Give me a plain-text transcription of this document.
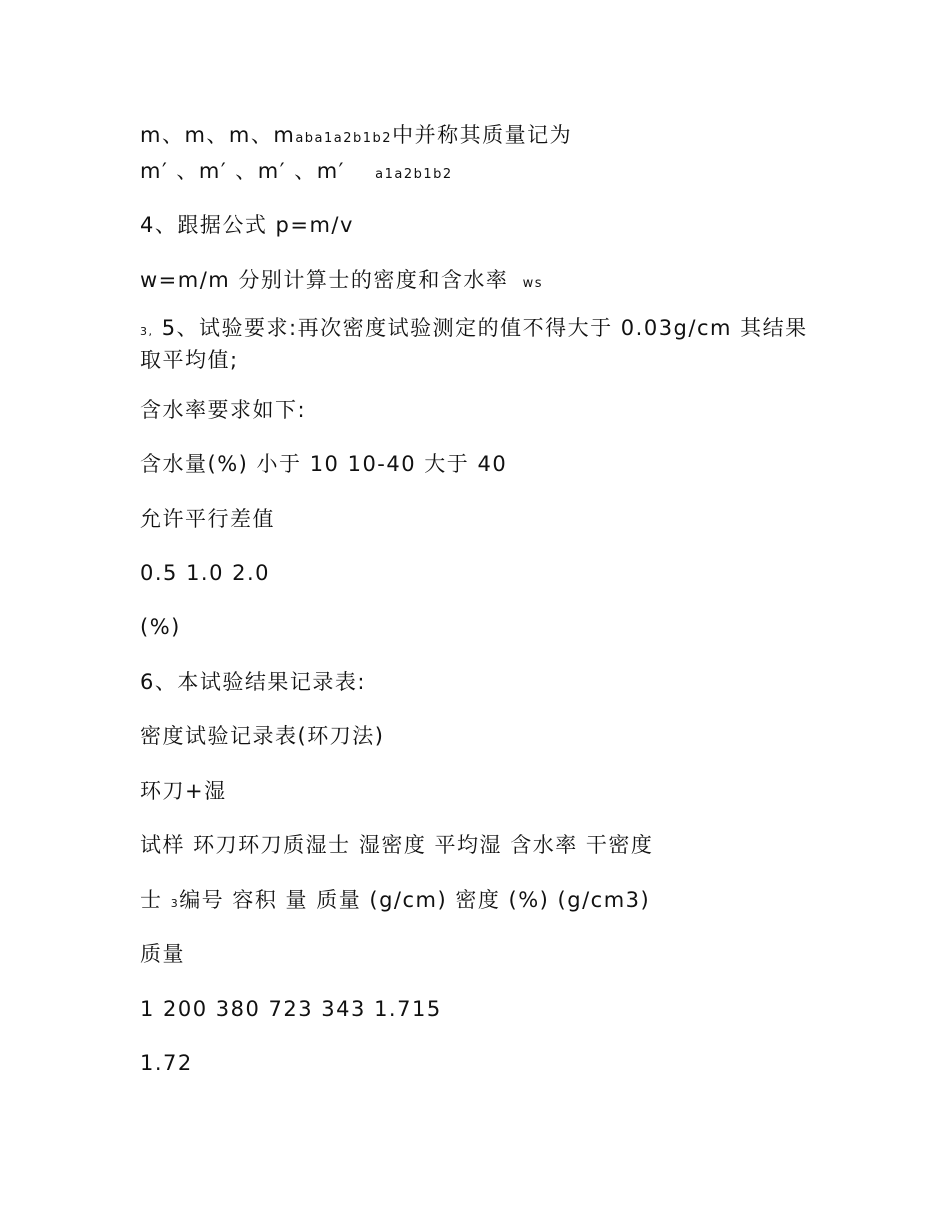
m、m、m、maba1a2b1b2中并称其质量记为
m′ 、m′ 、m′ 、m′ a1a2b1b2
4、跟据公式 p=m/v
w=m/m 分别计算士的密度和含水率 ws
3, 5、试验要求:再次密度试验测定的值不得大于 0.03g/cm 其结果取平均值;
含水率要求如下:
含水量(%) 小于 10 10-40 大于 40
允许平行差值
0.5 1.0 2.0
(%)
6、本试验结果记录表:
密度试验记录表(环刀法)
环刀+湿
试样 环刀环刀质湿士 湿密度 平均湿 含水率 干密度
士 3编号 容积 量 质量 (g/cm) 密度 (%) (g/cm3)
质量
1 200 380 723 343 1.715
1.72
